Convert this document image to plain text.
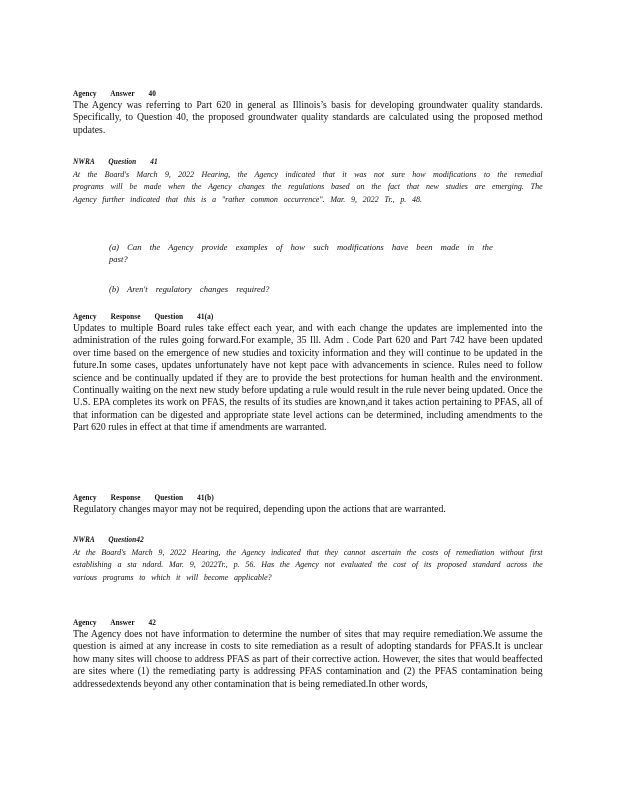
Agency Answer 40

The Agency was referring to Part 620 in general as Illinois’s basis for developing groundwater quality standards. Specifically, to Question 40, the proposed groundwater quality standards are calculated using the proposed method updates.

NWRA Question 41

At the Board's March 9, 2022 Hearing, the Agency indicated that it was not sure how modifications to the remedial programs will be made when the Agency changes the regulations based on the fact that new studies are emerging. The Agency further indicated that this is a "rather common occurrence". Mar. 9, 2022 Tr., p. 48.

(a) Can the Agency provide examples of how such modifications have been made in the past?

(b) Aren't regulatory changes required?

Agency Response Question 41(a)

Updates to multiple Board rules take effect each year, and with each change the updates are implemented into the administration of the rules going forward.For example, 35 Ill. Adm . Code Part 620 and Part 742 have been updated over time based on the emergence of new studies and toxicity information and they will continue to be updated in the future.In some cases, updates unfortunately have not kept pace with advancements in science. Rules need to follow science and be continually updated if they are to provide the best protections for human health and the environment. Continually waiting on the next new study before updating a rule would result in the rule never being updated. Once the U.S. EPA completes its work on PFAS, the results of its studies are known,and it takes action pertaining to PFAS, all of that information can be digested and appropriate state level actions can be determined, including amendments to the Part 620 rules in effect at that time if amendments are warranted.

Agency Response Question 41(b)

Regulatory changes mayor may not be required, depending upon the actions that are warranted.

NWRA Question42

At the Board's March 9, 2022 Hearing, the Agency indicated that they cannot ascertain the costs of remediation without first establishing a sta ndard. Mar. 9, 2022Tr., p. 56. Has the Agency not evaluated the cost of its proposed standard across the various programs to which it will become applicable?

Agency Answer 42

The Agency does not have information to determine the number of sites that may require remediation.We assume the question is aimed at any increase in costs to site remediation as a result of adopting standards for PFAS.It is unclear how many sites will choose to address PFAS as part of their corrective action. However, the sites that would beaffected are sites where (1) the remediating party is addressing PFAS contamination and (2) the PFAS contamination being addressedextends beyond any other contamination that is being remediated.In other words,
